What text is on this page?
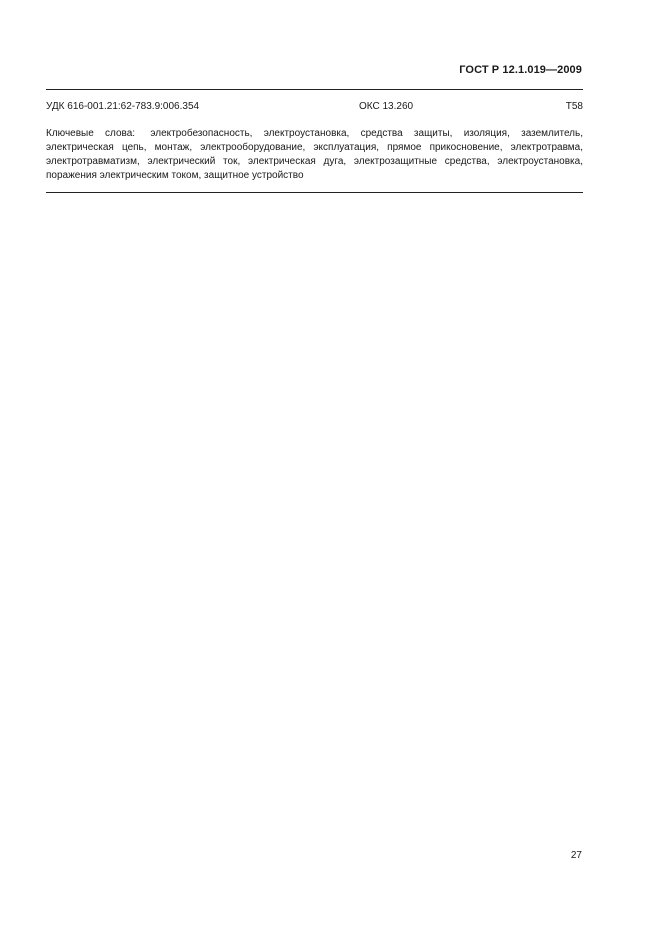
ГОСТ Р 12.1.019—2009
УДК 616-001.21:62-783.9:006.354	ОКС 13.260	Т58
Ключевые слова: электробезопасность, электроустановка, средства защиты, изоляция, заземлитель, электрическая цепь, монтаж, электрооборудование, эксплуатация, прямое прикосновение, электротравма, электротравматизм, электрический ток, электрическая дуга, электрозащитные средства, электроустановка, поражения электрическим током, защитное устройство
27
